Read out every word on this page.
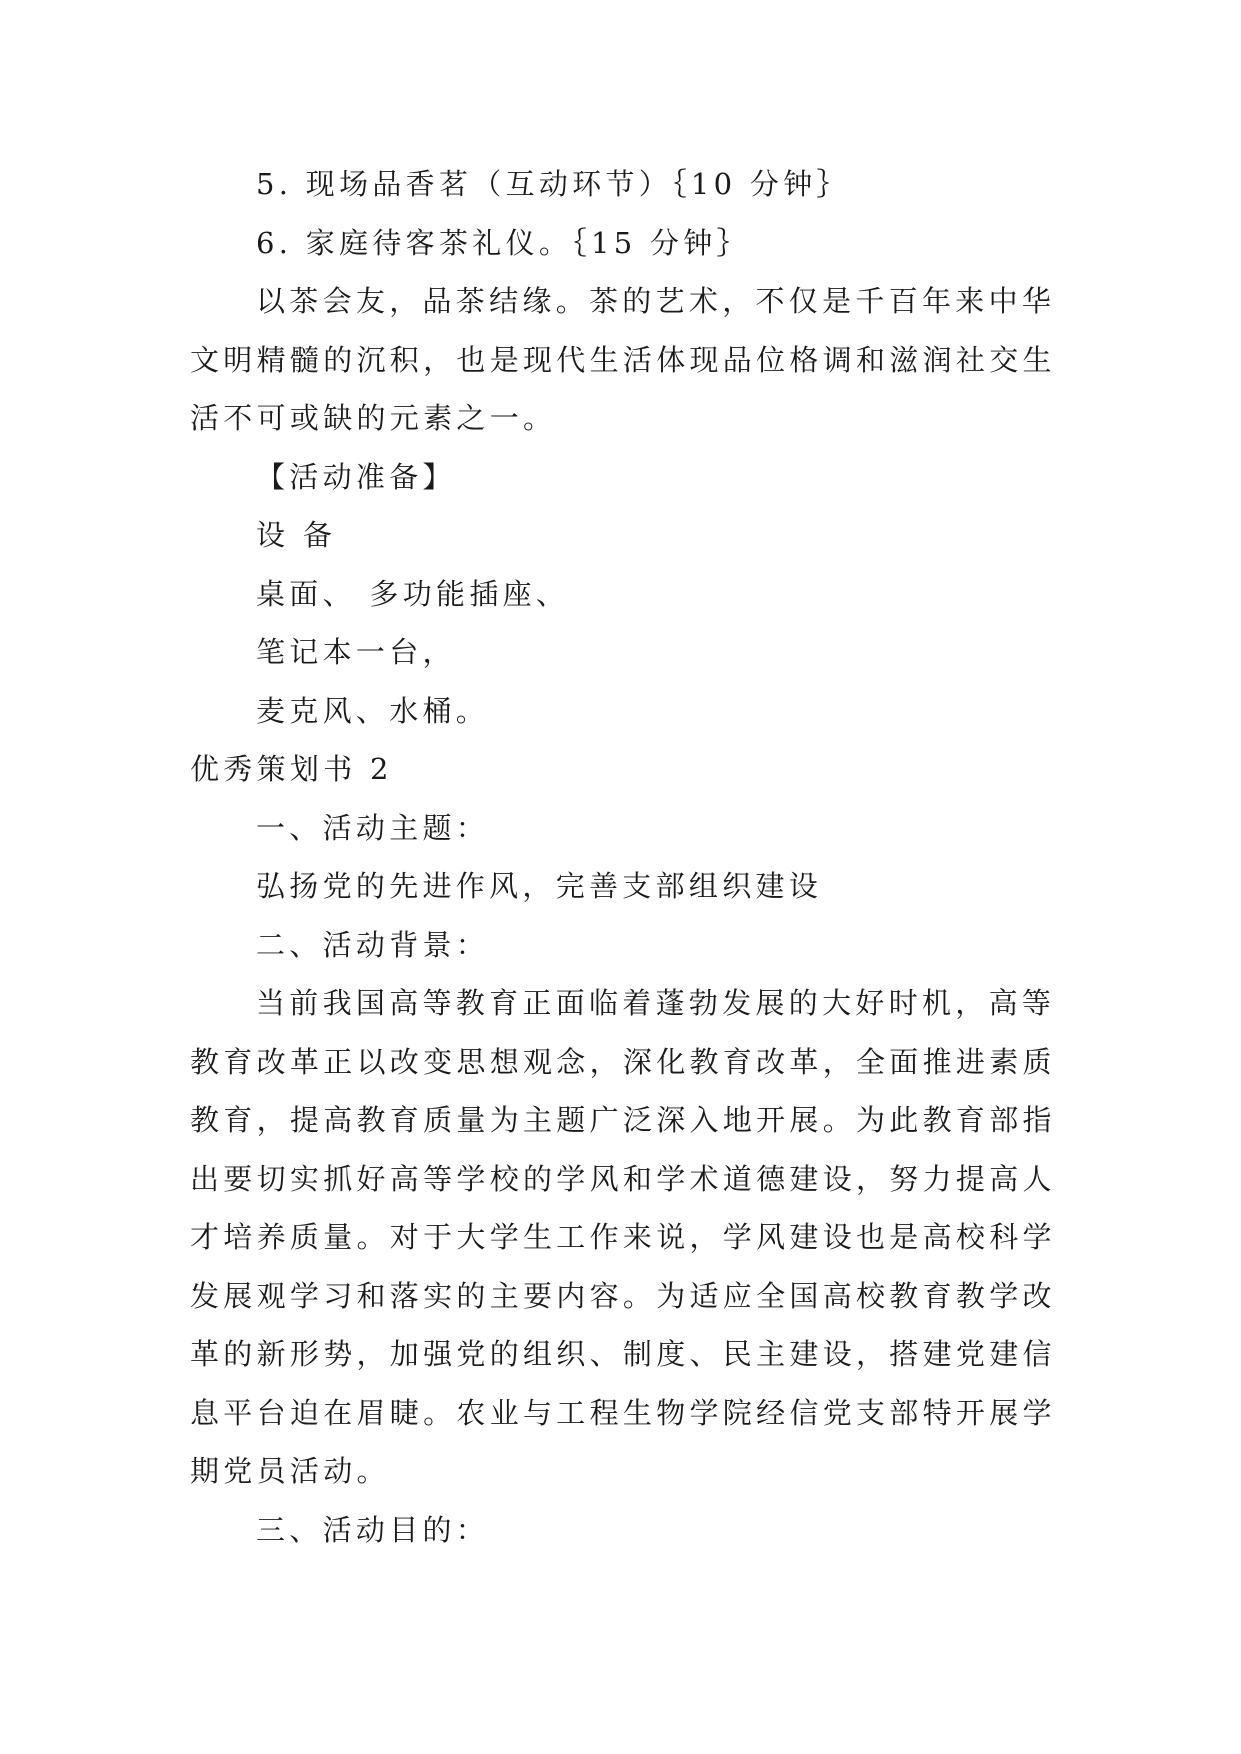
5. 现场品香茗（互动环节）｛10 分钟｝

6. 家庭待客茶礼仪。｛15 分钟｝

以茶会友，品茶结缘。茶的艺术，不仅是千百年来中华

文明精髓的沉积，也是现代生活体现品位格调和滋润社交生

活不可或缺的元素之一。

【活动准备】

设 备

桌面、 多功能插座、

笔记本一台，

麦克风、水桶。

优秀策划书 2

一、活动主题：

弘扬党的先进作风，完善支部组织建设

二、活动背景：

当前我国高等教育正面临着蓬勃发展的大好时机，高等

教育改革正以改变思想观念，深化教育改革，全面推进素质

教育，提高教育质量为主题广泛深入地开展。为此教育部指

出要切实抓好高等学校的学风和学术道德建设，努力提高人

才培养质量。对于大学生工作来说，学风建设也是高校科学

发展观学习和落实的主要内容。为适应全国高校教育教学改

革的新形势，加强党的组织、制度、民主建设，搭建党建信

息平台迫在眉睫。农业与工程生物学院经信党支部特开展学

期党员活动。

三、活动目的：
